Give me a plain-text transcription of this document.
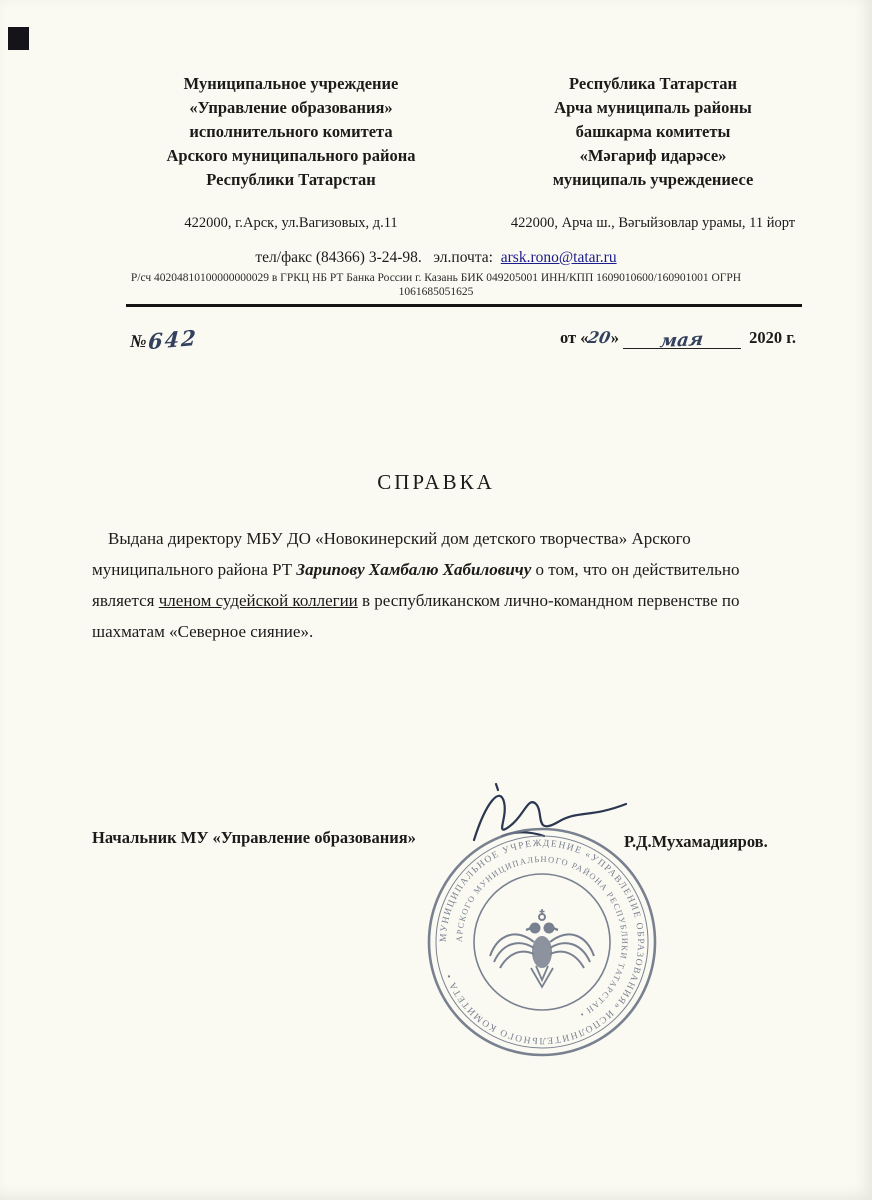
Муниципальное учреждение
«Управление образования»
исполнительного комитета
Арского муниципального района
Республики Татарстан
Республика Татарстан
Арча муниципаль районы
башкарма комитеты
«Мәгариф идарәсе»
муниципаль учреждениесе
422000, г.Арск, ул.Вагизовых, д.11	422000, Арча ш., Вәгыйзовлар урамы, 11 йорт
тел/факс (84366) 3-24-98. эл.почта: arsk.rono@tatar.ru
Р/сч 40204810100000000029 в ГРКЦ НБ РТ Банка России г. Казань БИК 049205001 ИНН/КПП 1609010600/160901001 ОГРН 1061685051625
№642	от «20» мая	2020 г.
СПРАВКА
Выдана директору МБУ ДО «Новокинерский дом детского творчества» Арского муниципального района РТ Зарипову Хамбалю Хабиловичу о том, что он действительно является членом судейской коллегии в республиканском лично-командном первенстве по шахматам «Северное сияние».
Начальник МУ «Управление образования»	Р.Д.Мухамадияров.
МУНИЦИПАЛЬНОЕ УЧРЕЖДЕНИЕ «УПРАВЛЕНИЕ ОБРАЗОВАНИЯ» ИСПОЛНИТЕЛЬНОГО КОМИТЕТА •
АРСКОГО МУНИЦИПАЛЬНОГО РАЙОНА РЕСПУБЛИКИ ТАТАРСТАН •
